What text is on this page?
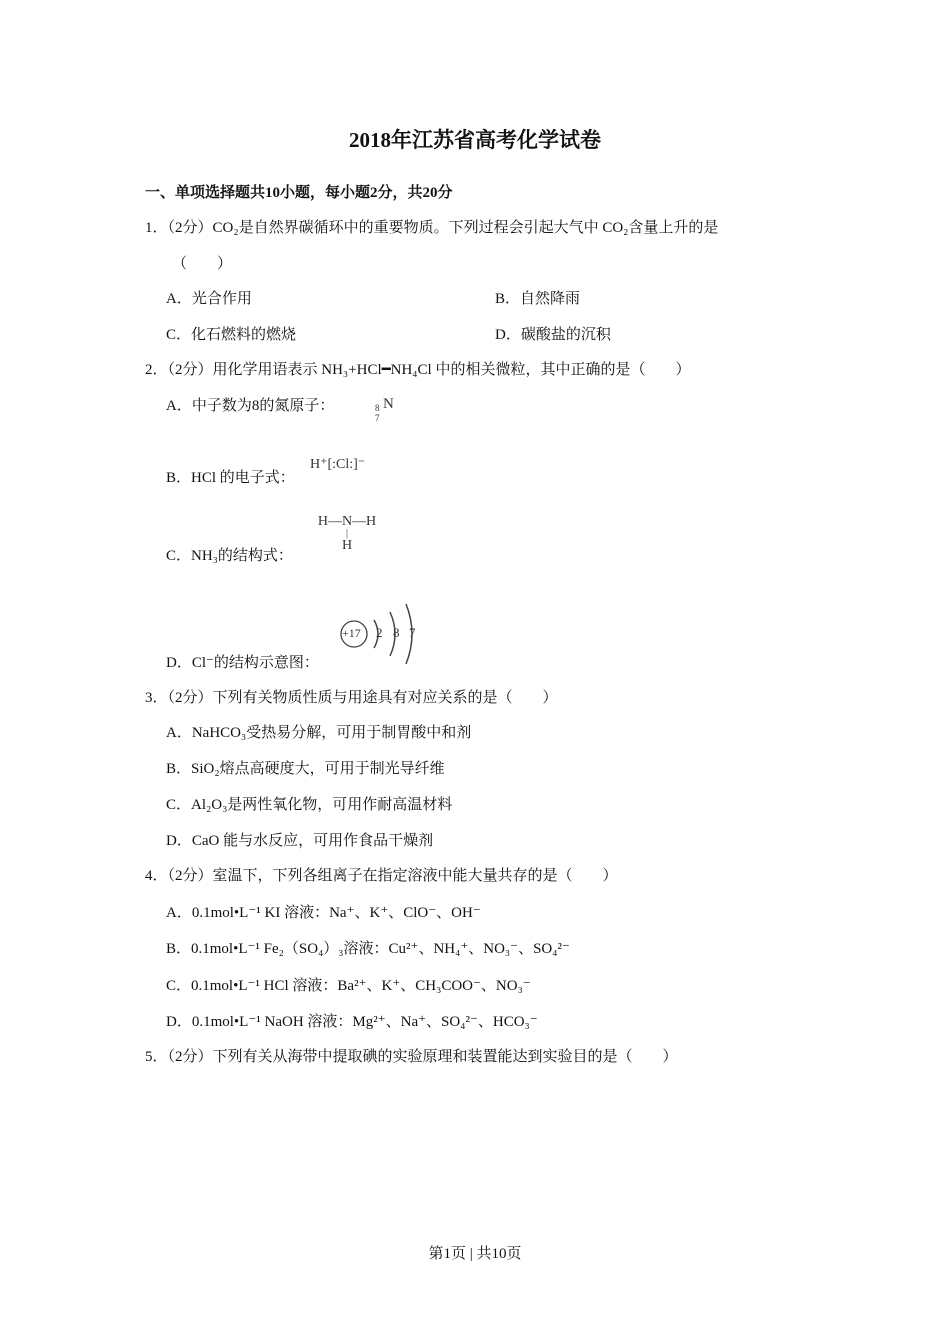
2018年江苏省高考化学试卷
一、单项选择题共10小题，每小题2分，共20分
1．（2分）CO₂是自然界碳循环中的重要物质。下列过程会引起大气中 CO₂含量上升的是
（　　）
A．光合作用	B．自然降雨
C．化石燃料的燃烧	D．碳酸盐的沉积
2．（2分）用化学用语表示 NH₃+HCl━NH₄Cl 中的相关微粒，其中正确的是（　　）
A．中子数为8的氮原子：	8
7
N
B．HCl 的电子式：
H⁺[:Cl:]⁻
C．NH₃的结构式：
H—N—H
|
H
D．Cl⁻的结构示意图：
+17 2 8 7
3．（2分）下列有关物质性质与用途具有对应关系的是（　　）
A．NaHCO₃受热易分解，可用于制胃酸中和剂
B．SiO₂熔点高硬度大，可用于制光导纤维
C．Al₂O₃是两性氧化物，可用作耐高温材料
D．CaO 能与水反应，可用作食品干燥剂
4．（2分）室温下，下列各组离子在指定溶液中能大量共存的是（　　）
A．0.1mol•L⁻¹ KI 溶液：Na⁺、K⁺、ClO⁻、OH⁻
B．0.1mol•L⁻¹ Fe₂（SO₄）₃溶液：Cu²⁺、NH₄⁺、NO₃⁻、SO₄²⁻
C．0.1mol•L⁻¹ HCl 溶液：Ba²⁺、K⁺、CH₃COO⁻、NO₃⁻
D．0.1mol•L⁻¹ NaOH 溶液：Mg²⁺、Na⁺、SO₄²⁻、HCO₃⁻
5．（2分）下列有关从海带中提取碘的实验原理和装置能达到实验目的是（　　）
第1页 | 共10页
